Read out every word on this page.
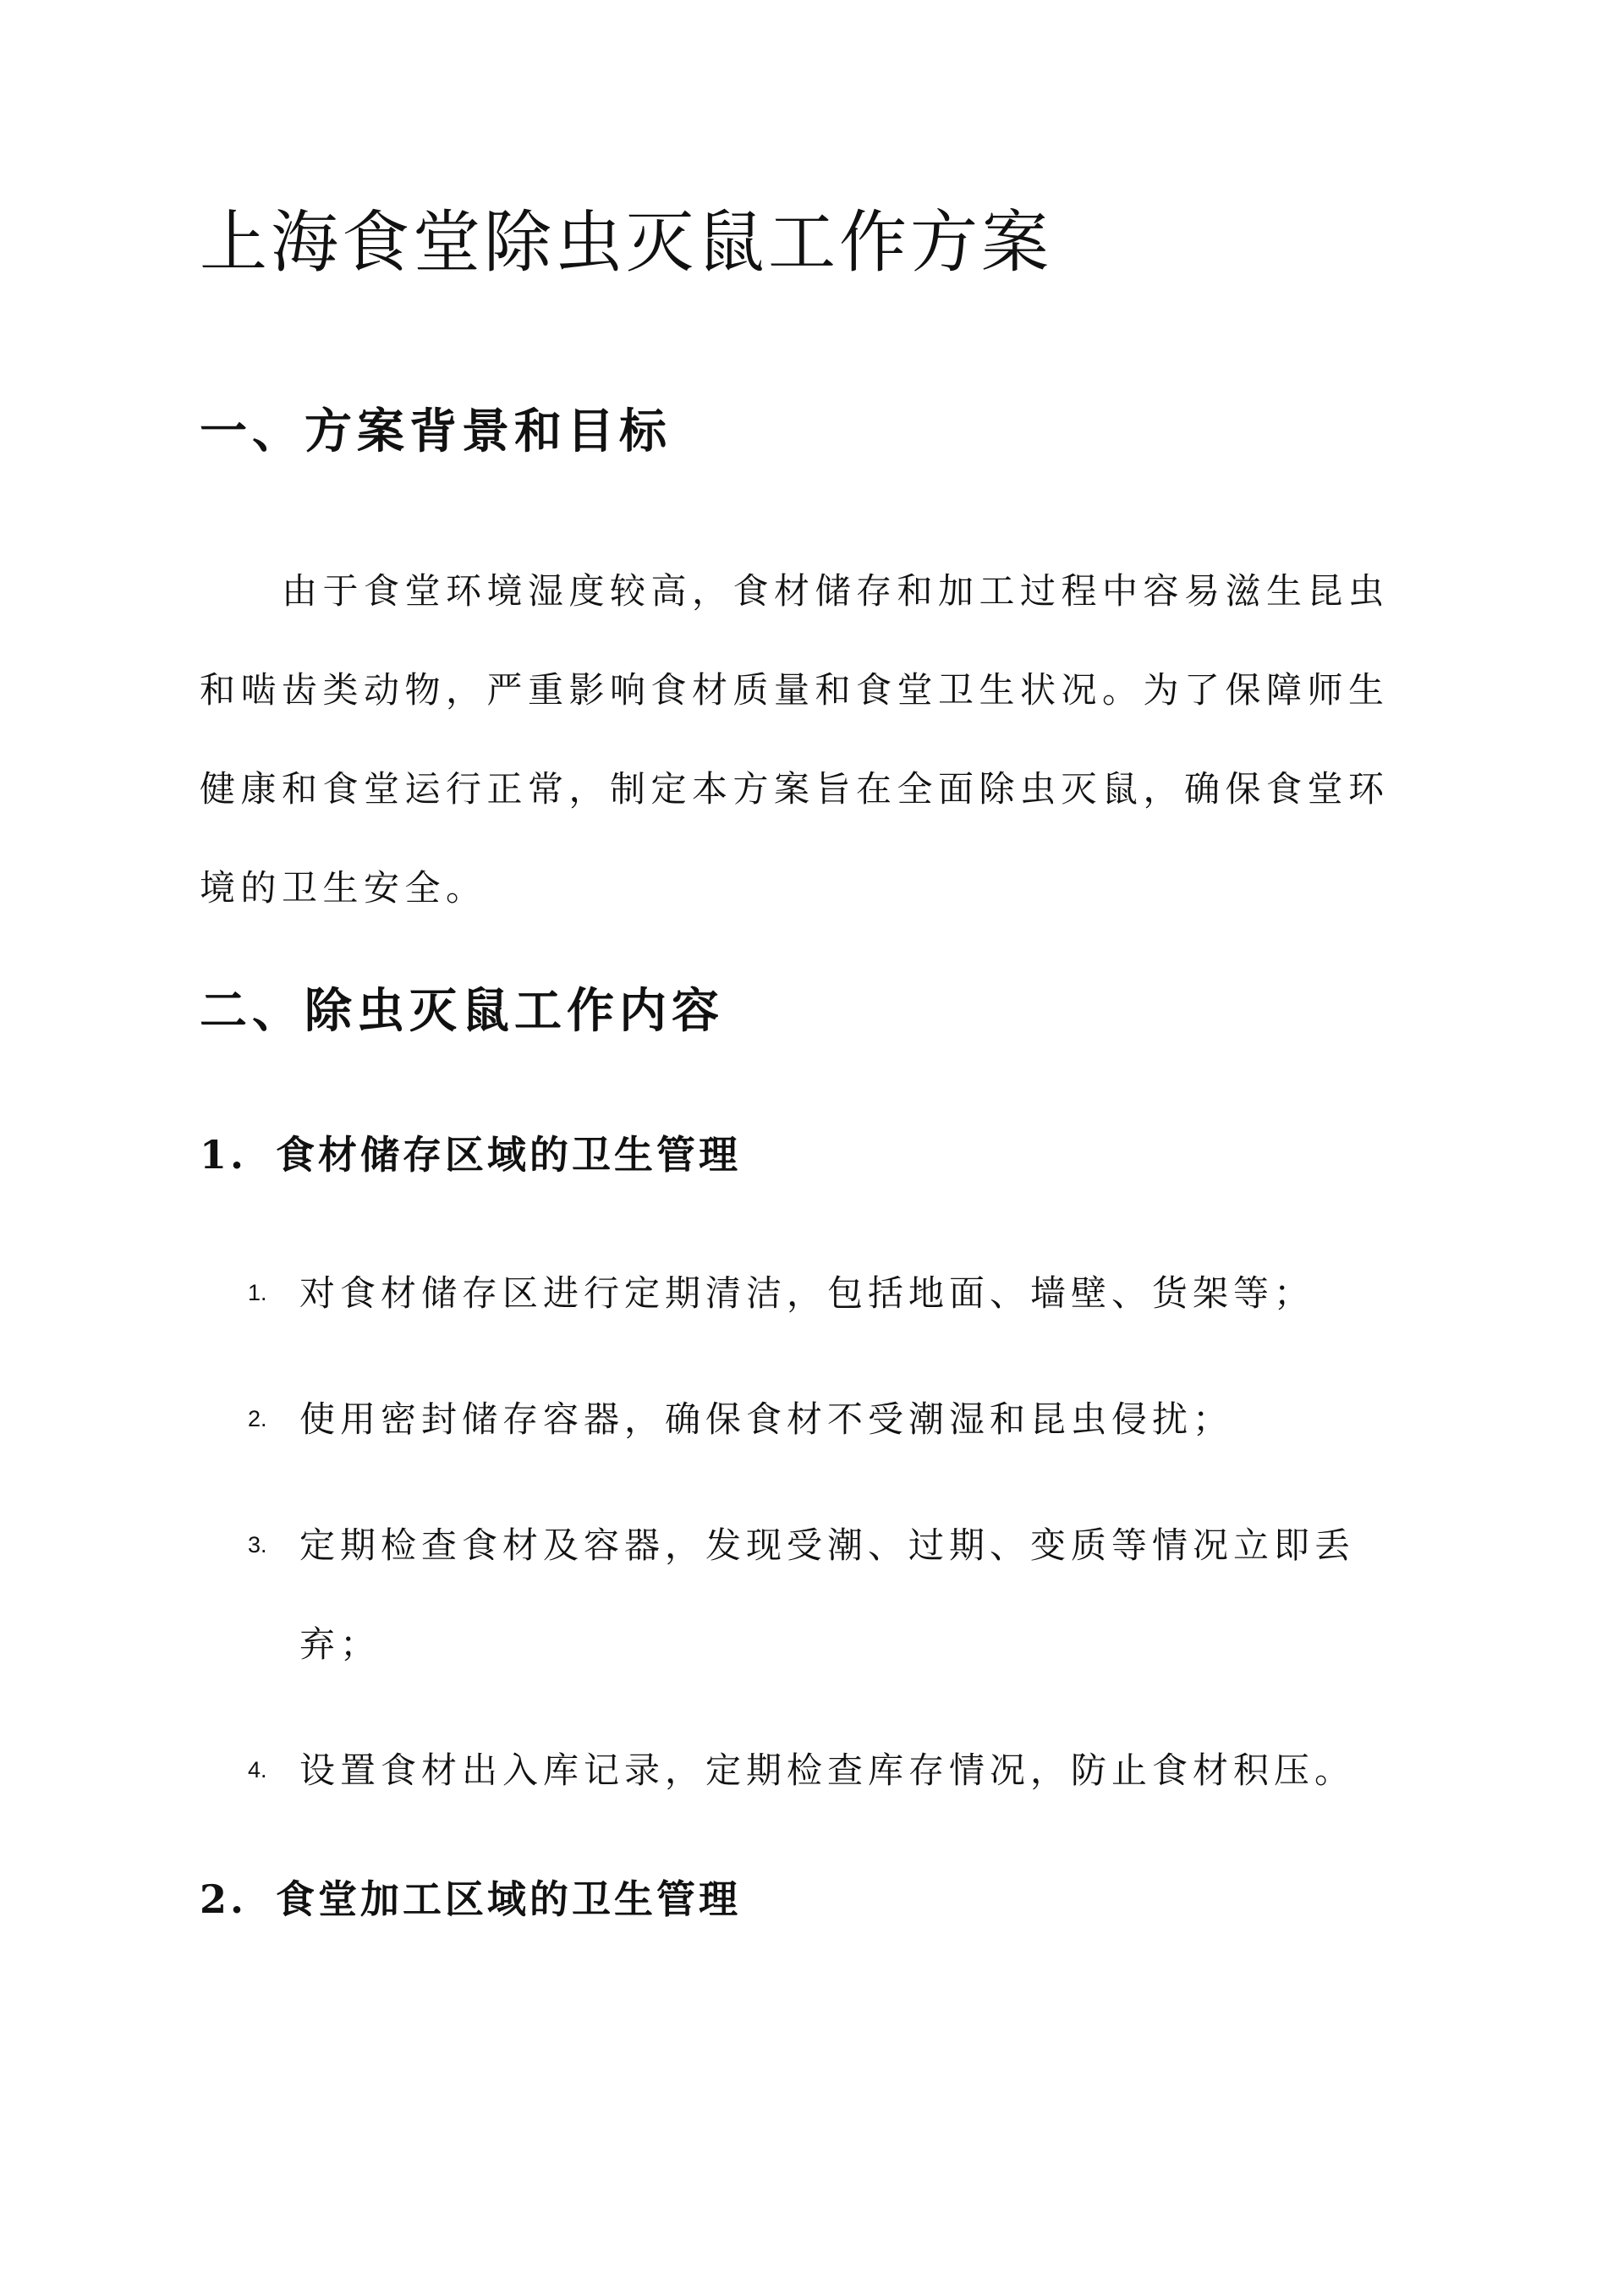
上海食堂除虫灭鼠工作方案
一、方案背景和目标

由于食堂环境湿度较高，食材储存和加工过程中容易滋生昆虫和啮齿类动物，严重影响食材质量和食堂卫生状况。为了保障师生健康和食堂运行正常，制定本方案旨在全面除虫灭鼠，确保食堂环境的卫生安全。

二、除虫灭鼠工作内容
1. 食材储存区域的卫生管理
1. 对食材储存区进行定期清洁，包括地面、墙壁、货架等；
2. 使用密封储存容器，确保食材不受潮湿和昆虫侵扰；
3. 定期检查食材及容器，发现受潮、过期、变质等情况立即丢弃；
4. 设置食材出入库记录，定期检查库存情况，防止食材积压。
2. 食堂加工区域的卫生管理
